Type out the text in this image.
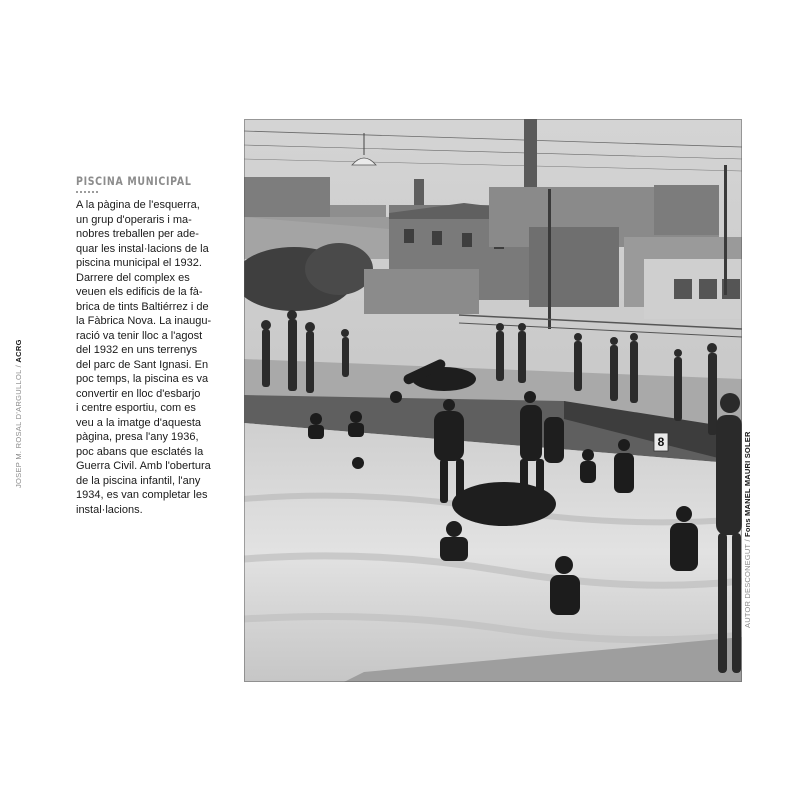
JOSEP M. ROSAL D'ARGULLOL / ACRG

PISCINA MUNICIPAL

A la pàgina de l'esquerra,
un grup d'operaris i ma-
nobres treballen per ade-
quar les instal·lacions de la
piscina municipal el 1932.
Darrere del complex es
veuen els edificis de la fà-
brica de tints Baltiérrez i de
la Fàbrica Nova. La inaugu-
ració va tenir lloc a l'agost
del 1932 en uns terrenys
del parc de Sant Ignasi. En
poc temps, la piscina es va
convertir en lloc d'esbarjo
i centre esportiu, com es
veu a la imatge d'aquesta
pàgina, presa l'any 1936,
poc abans que esclatés la
Guerra Civil. Amb l'obertura
de la piscina infantil, l'any
1934, es van completar les
instal·lacions.

8
AUTOR DESCONEGUT / Fons MANEL MAURI SOLER
